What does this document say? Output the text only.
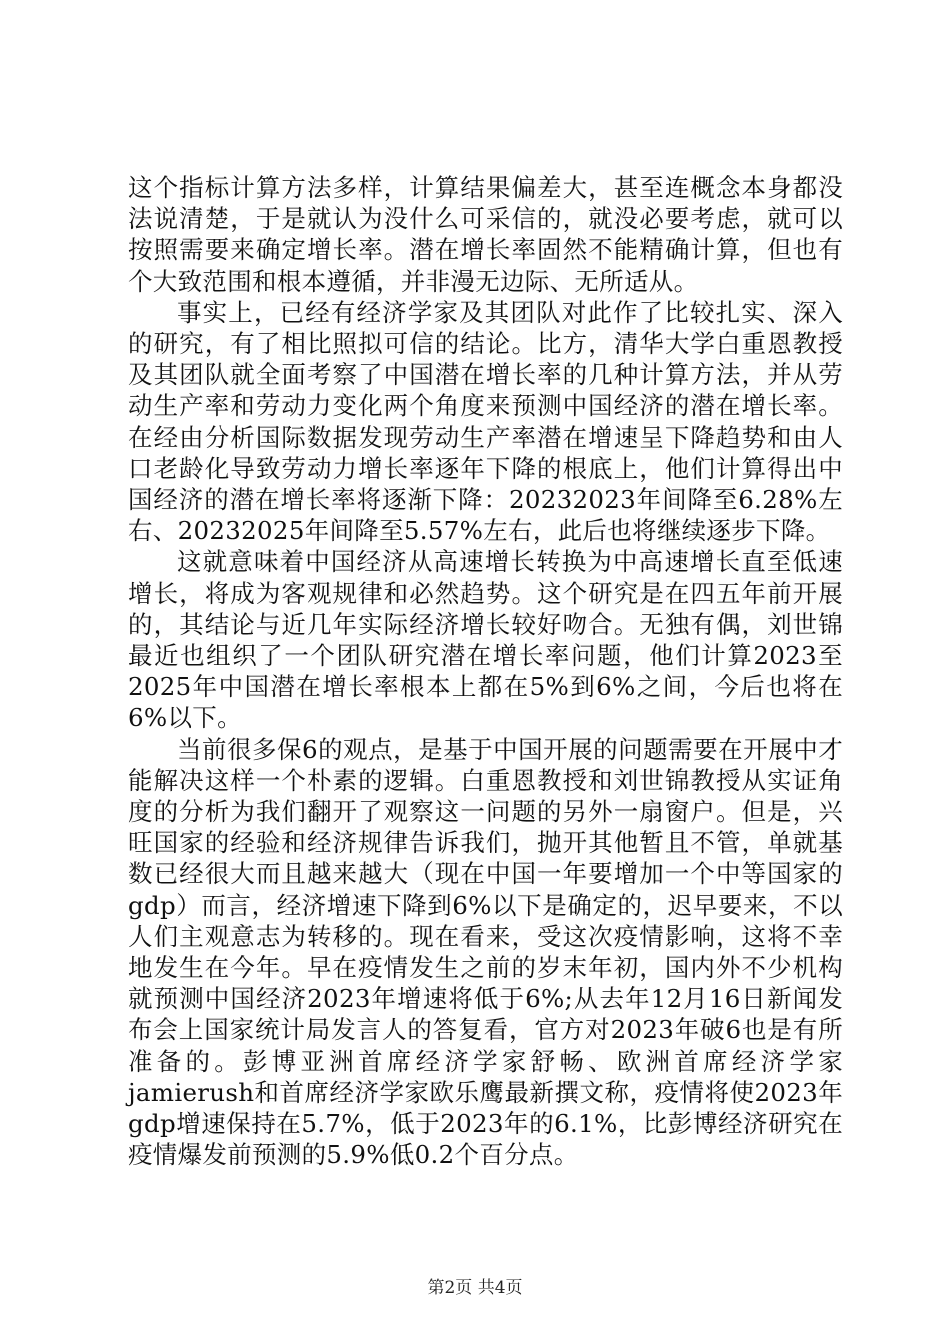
这个指标计算方法多样，计算结果偏差大，甚至连概念本身都没法说清楚，于是就认为没什么可采信的，就没必要考虑，就可以按照需要来确定增长率。潜在增长率固然不能精确计算，但也有个大致范围和根本遵循，并非漫无边际、无所适从。

事实上，已经有经济学家及其团队对此作了比较扎实、深入的研究，有了相比照拟可信的结论。比方，清华大学白重恩教授及其团队就全面考察了中国潜在增长率的几种计算方法，并从劳动生产率和劳动力变化两个角度来预测中国经济的潜在增长率。在经由分析国际数据发现劳动生产率潜在增速呈下降趋势和由人口老龄化导致劳动力增长率逐年下降的根底上，他们计算得出中国经济的潜在增长率将逐渐下降：20232023年间降至6.28%左右、20232025年间降至5.57%左右，此后也将继续逐步下降。

这就意味着中国经济从高速增长转换为中高速增长直至低速增长，将成为客观规律和必然趋势。这个研究是在四五年前开展的，其结论与近几年实际经济增长较好吻合。无独有偶，刘世锦最近也组织了一个团队研究潜在增长率问题，他们计算2023至2025年中国潜在增长率根本上都在5%到6%之间，今后也将在6%以下。

当前很多保6的观点，是基于中国开展的问题需要在开展中才能解决这样一个朴素的逻辑。白重恩教授和刘世锦教授从实证角度的分析为我们翻开了观察这一问题的另外一扇窗户。但是，兴旺国家的经验和经济规律告诉我们，抛开其他暂且不管，单就基数已经很大而且越来越大（现在中国一年要增加一个中等国家的gdp）而言，经济增速下降到6%以下是确定的，迟早要来，不以人们主观意志为转移的。现在看来，受这次疫情影响，这将不幸地发生在今年。早在疫情发生之前的岁末年初，国内外不少机构就预测中国经济2023年增速将低于6%;从去年12月16日新闻发布会上国家统计局发言人的答复看，官方对2023年破6也是有所准备的。彭博亚洲首席经济学家舒畅、欧洲首席经济学家jamierush和首席经济学家欧乐鹰最新撰文称，疫情将使2023年gdp增速保持在5.7%，低于2023年的6.1%，比彭博经济研究在疫情爆发前预测的5.9%低0.2个百分点。

第2页 共4页
